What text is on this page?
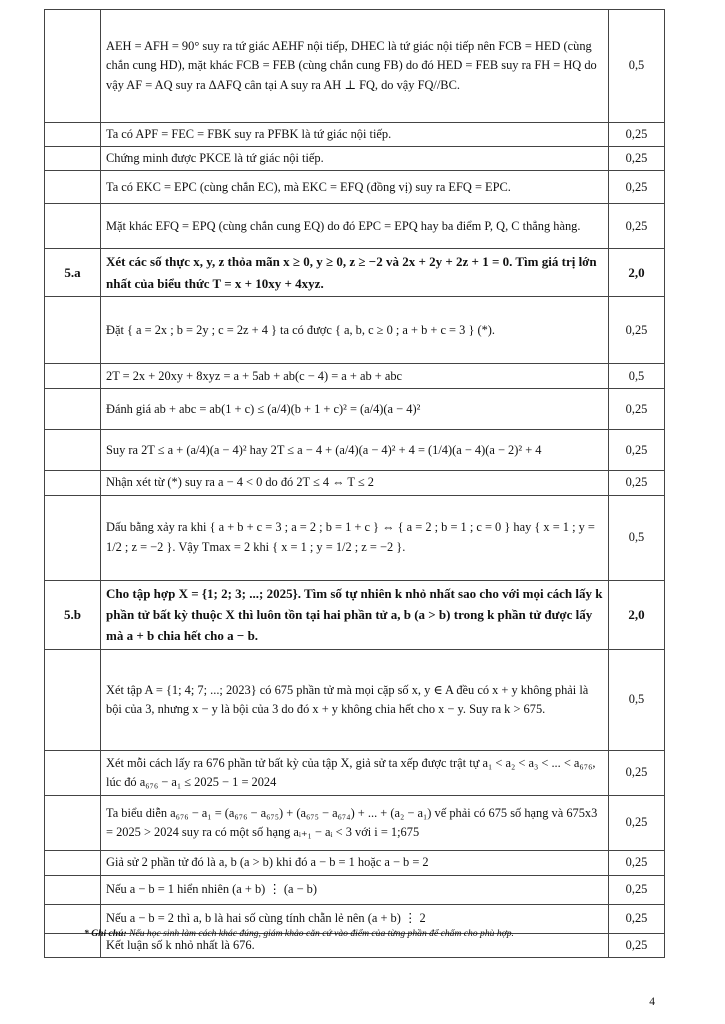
	AEH = AFH = 90° suy ra tứ giác AEHF nội tiếp, DHEC là tứ giác nội tiếp nên FCB = HED (cùng chắn cung HD), mặt khác FCB = FEB (cùng chắn cung FB) do đó HED = FEB suy ra FH = HQ do vậy AF = AQ suy ra ΔAFQ cân tại A suy ra AH ⊥ FQ, do vậy FQ//BC.	0,5
	Ta có APF = FEC = FBK suy ra PFBK là tứ giác nội tiếp.	0,25
	Chứng minh được PKCE là tứ giác nội tiếp.	0,25
	Ta có EKC = EPC (cùng chắn EC), mà EKC = EFQ (đồng vị) suy ra EFQ = EPC.	0,25
	Mặt khác EFQ = EPQ (cùng chắn cung EQ) do đó EPC = EPQ hay ba điểm P, Q, C thẳng hàng.	0,25
5.a	Xét các số thực x, y, z thỏa mãn x ≥ 0, y ≥ 0, z ≥ −2 và 2x + 2y + 2z + 1 = 0. Tìm giá trị lớn nhất của biểu thức T = x + 10xy + 4xyz.	2,0
	Đặt { a = 2x ; b = 2y ; c = 2z + 4 } ta có được { a, b, c ≥ 0 ; a + b + c = 3 } (*).	0,25
	2T = 2x + 20xy + 8xyz = a + 5ab + ab(c − 4) = a + ab + abc	0,5
	Đánh giá ab + abc = ab(1 + c) ≤ (a/4)(b + 1 + c)² = (a/4)(a − 4)²	0,25
	Suy ra 2T ≤ a + (a/4)(a − 4)² hay 2T ≤ a − 4 + (a/4)(a − 4)² + 4 = (1/4)(a − 4)(a − 2)² + 4	0,25
	Nhận xét từ (*) suy ra a − 4 < 0 do đó 2T ≤ 4 ⇔ T ≤ 2	0,25
	Dấu bằng xảy ra khi { a + b + c = 3 ; a = 2 ; b = 1 + c } ⇔ { a = 2 ; b = 1 ; c = 0 } hay { x = 1 ; y = 1/2 ; z = −2 }. Vậy Tmax = 2 khi { x = 1 ; y = 1/2 ; z = −2 }.	0,5
5.b	Cho tập hợp X = {1; 2; 3; ...; 2025}. Tìm số tự nhiên k nhỏ nhất sao cho với mọi cách lấy k phần tử bất kỳ thuộc X thì luôn tồn tại hai phần tử a, b (a > b) trong k phần tử được lấy mà a + b chia hết cho a − b.	2,0
	Xét tập A = {1; 4; 7; ...; 2023} có 675 phần tử mà mọi cặp số x, y ∈ A đều có x + y không phải là bội của 3, nhưng x − y là bội của 3 do đó x + y không chia hết cho x − y. Suy ra k > 675.	0,5
	Xét mỗi cách lấy ra 676 phần tử bất kỳ của tập X, giả sử ta xếp được trật tự a₁ < a₂ < a₃ < ... < a₆₇₆, lúc đó a₆₇₆ − a₁ ≤ 2025 − 1 = 2024	0,25
	Ta biểu diễn a₆₇₆ − a₁ = (a₆₇₆ − a₆₇₅) + (a₆₇₅ − a₆₇₄) + ... + (a₂ − a₁) vế phải có 675 số hạng và 675x3 = 2025 > 2024 suy ra có một số hạng aᵢ₊₁ − aᵢ < 3 với i = 1;675	0,25
	Giả sử 2 phần tử đó là a, b (a > b) khi đó a − b = 1 hoặc a − b = 2	0,25
	Nếu a − b = 1 hiển nhiên (a + b) ⋮ (a − b)	0,25
	Nếu a − b = 2 thì a, b là hai số cùng tính chẵn lẻ nên (a + b) ⋮ 2	0,25
	Kết luận số k nhỏ nhất là 676.	0,25
* Ghi chú: Nếu học sinh làm cách khác đúng, giám khảo căn cứ vào điểm của từng phần để chấm cho phù hợp.
4
